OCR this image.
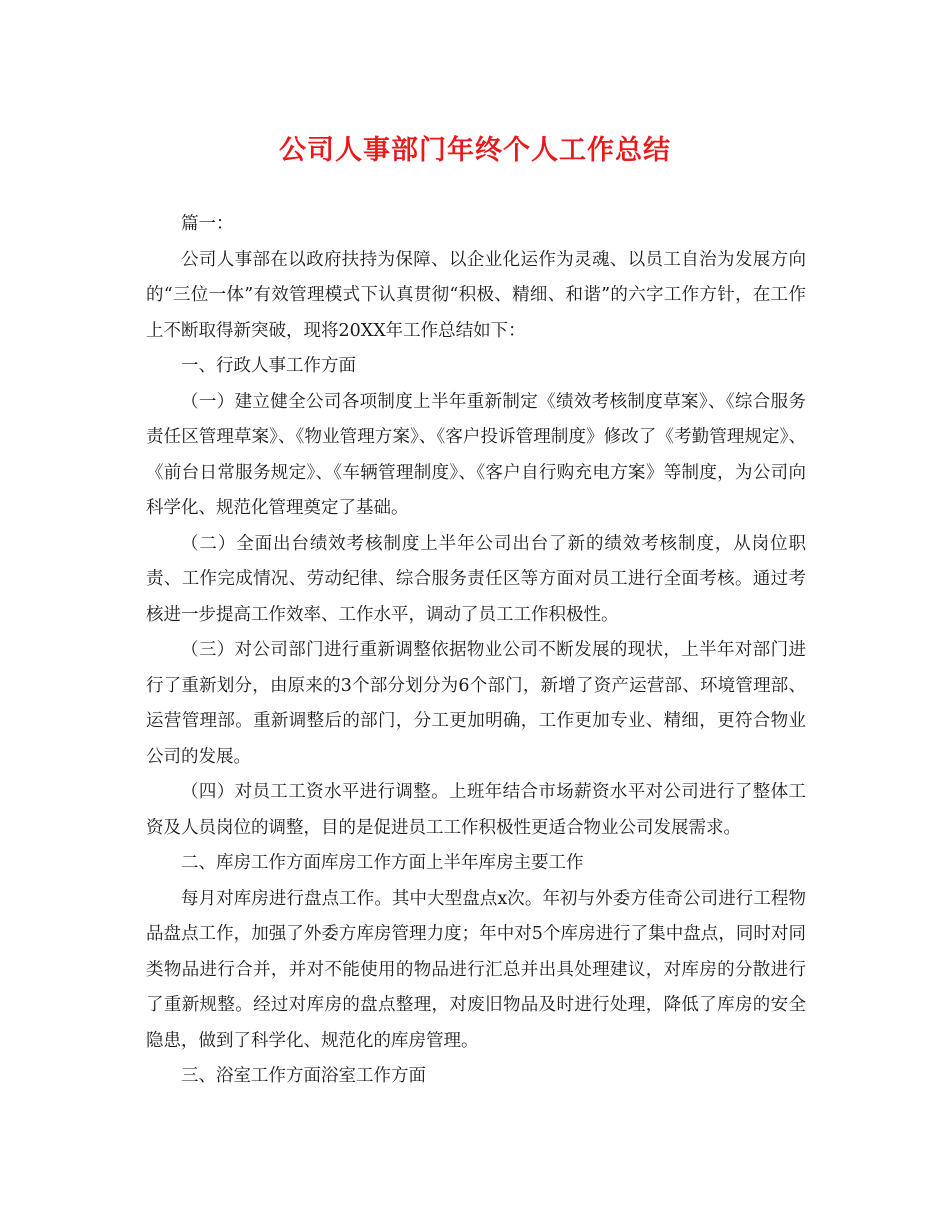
公司人事部门年终个人工作总结

篇一：

公司人事部在以政府扶持为保障、以企业化运作为灵魂、以员工自治为发展方向的“三位一体”有效管理模式下认真贯彻“积极、精细、和谐”的六字工作方针，在工作上不断取得新突破，现将20XX年工作总结如下：

一、行政人事工作方面

（一）建立健全公司各项制度上半年重新制定《绩效考核制度草案》、《综合服务责任区管理草案》、《物业管理方案》、《客户投诉管理制度》修改了《考勤管理规定》、《前台日常服务规定》、《车辆管理制度》、《客户自行购充电方案》等制度，为公司向科学化、规范化管理奠定了基础。

（二）全面出台绩效考核制度上半年公司出台了新的绩效考核制度，从岗位职责、工作完成情况、劳动纪律、综合服务责任区等方面对员工进行全面考核。通过考核进一步提高工作效率、工作水平，调动了员工工作积极性。

（三）对公司部门进行重新调整依据物业公司不断发展的现状，上半年对部门进行了重新划分，由原来的3个部分划分为6个部门，新增了资产运营部、环境管理部、运营管理部。重新调整后的部门，分工更加明确，工作更加专业、精细，更符合物业公司的发展。

（四）对员工工资水平进行调整。上班年结合市场薪资水平对公司进行了整体工资及人员岗位的调整，目的是促进员工工作积极性更适合物业公司发展需求。

二、库房工作方面库房工作方面上半年库房主要工作

每月对库房进行盘点工作。其中大型盘点x次。年初与外委方佳奇公司进行工程物品盘点工作，加强了外委方库房管理力度；年中对5个库房进行了集中盘点，同时对同类物品进行合并，并对不能使用的物品进行汇总并出具处理建议，对库房的分散进行了重新规整。经过对库房的盘点整理，对废旧物品及时进行处理，降低了库房的安全隐患，做到了科学化、规范化的库房管理。

三、浴室工作方面浴室工作方面
